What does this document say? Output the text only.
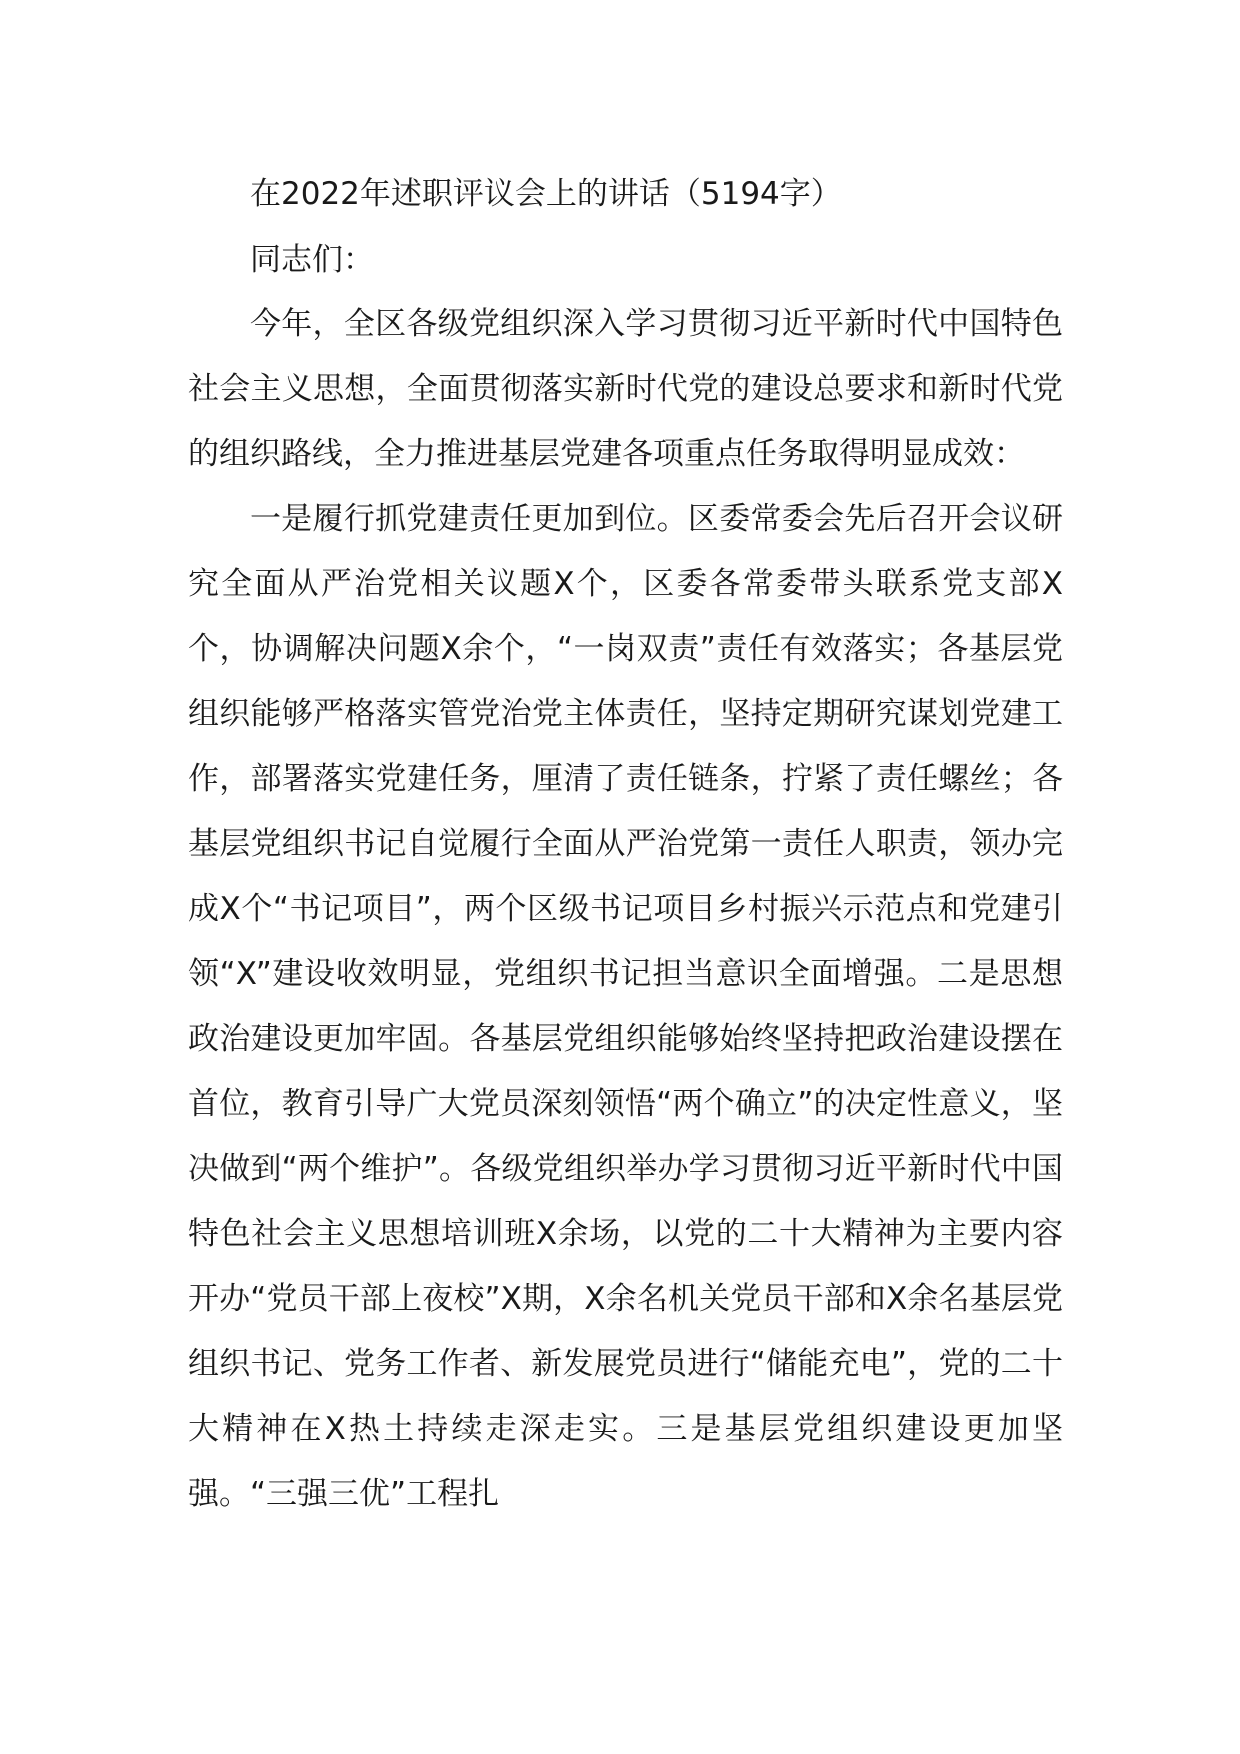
在2022年述职评议会上的讲话（5194字）

同志们：

今年，全区各级党组织深入学习贯彻习近平新时代中国特色社会主义思想，全面贯彻落实新时代党的建设总要求和新时代党的组织路线，全力推进基层党建各项重点任务取得明显成效：

一是履行抓党建责任更加到位。区委常委会先后召开会议研究全面从严治党相关议题X个，区委各常委带头联系党支部X个，协调解决问题X余个，“一岗双责”责任有效落实；各基层党组织能够严格落实管党治党主体责任，坚持定期研究谋划党建工作，部署落实党建任务，厘清了责任链条，拧紧了责任螺丝；各基层党组织书记自觉履行全面从严治党第一责任人职责，领办完成X个“书记项目”，两个区级书记项目乡村振兴示范点和党建引领“X”建设收效明显，党组织书记担当意识全面增强。二是思想政治建设更加牢固。各基层党组织能够始终坚持把政治建设摆在首位，教育引导广大党员深刻领悟“两个确立”的决定性意义，坚决做到“两个维护”。各级党组织举办学习贯彻习近平新时代中国特色社会主义思想培训班X余场，以党的二十大精神为主要内容开办“党员干部上夜校”X期，X余名机关党员干部和X余名基层党组织书记、党务工作者、新发展党员进行“储能充电”，党的二十大精神在X热土持续走深走实。三是基层党组织建设更加坚强。“三强三优”工程扎
